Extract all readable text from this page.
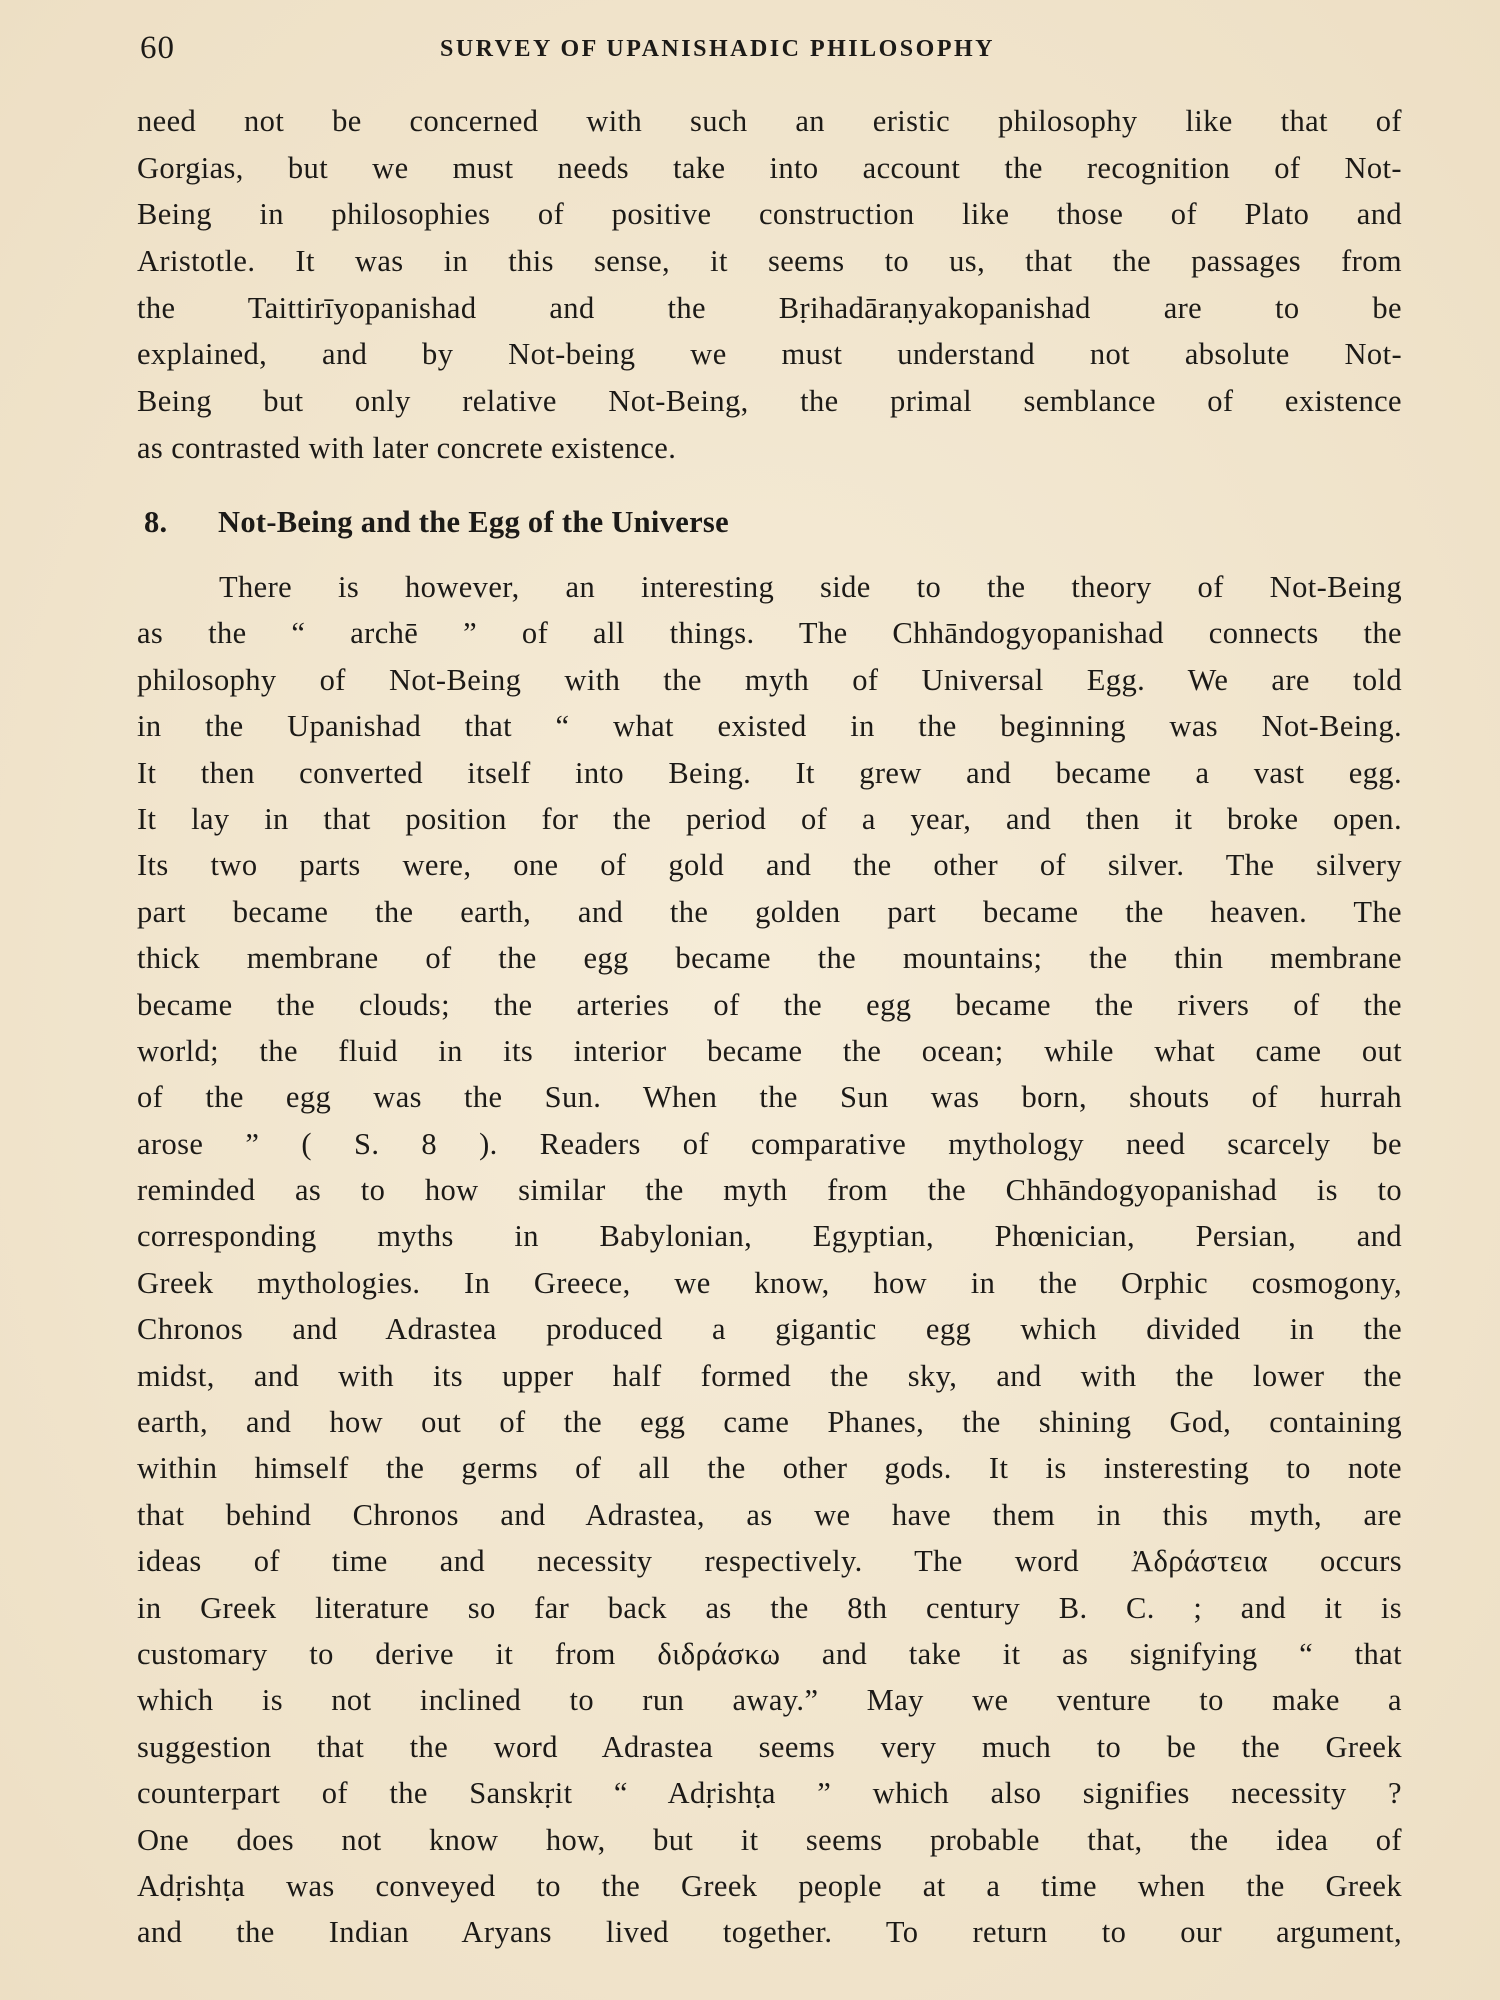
60	SURVEY OF UPANISHADIC PHILOSOPHY
need not be concerned with such an eristic philosophy like that of
Gorgias, but we must needs take into account the recognition of Not-
Being in philosophies of positive construction like those of Plato and
Aristotle. It was in this sense, it seems to us, that the passages from
the Taittirīyopanishad and the Bṛihadāraṇyakopanishad are to be
explained, and by Not-being we must understand not absolute Not-
Being but only relative Not-Being, the primal semblance of existence
as contrasted with later concrete existence.
8. Not-Being and the Egg of the Universe
There is however, an interesting side to the theory of Not-Being
as the “ archē ” of all things. The Chhāndogyopanishad connects the
philosophy of Not-Being with the myth of Universal Egg. We are told
in the Upanishad that “ what existed in the beginning was Not-Being.
It then converted itself into Being. It grew and became a vast egg.
It lay in that position for the period of a year, and then it broke open.
Its two parts were, one of gold and the other of silver. The silvery
part became the earth, and the golden part became the heaven. The
thick membrane of the egg became the mountains; the thin membrane
became the clouds; the arteries of the egg became the rivers of the
world; the fluid in its interior became the ocean; while what came out
of the egg was the Sun. When the Sun was born, shouts of hurrah
arose ” ( S. 8 ). Readers of comparative mythology need scarcely be
reminded as to how similar the myth from the Chhāndogyopanishad is to
corresponding myths in Babylonian, Egyptian, Phœnician, Persian, and
Greek mythologies. In Greece, we know, how in the Orphic cosmogony,
Chronos and Adrastea produced a gigantic egg which divided in the
midst, and with its upper half formed the sky, and with the lower the
earth, and how out of the egg came Phanes, the shining God, containing
within himself the germs of all the other gods. It is insteresting to note
that behind Chronos and Adrastea, as we have them in this myth, are
ideas of time and necessity respectively. The word Ἀδράστεια occurs
in Greek literature so far back as the 8th century B. C. ; and it is
customary to derive it from διδράσκω and take it as signifying “ that
which is not inclined to run away.” May we venture to make a
suggestion that the word Adrastea seems very much to be the Greek
counterpart of the Sanskṛit “ Adṛishṭa ” which also signifies necessity ?
One does not know how, but it seems probable that, the idea of
Adṛishṭa was conveyed to the Greek people at a time when the Greek
and the Indian Aryans lived together. To return to our argument,
